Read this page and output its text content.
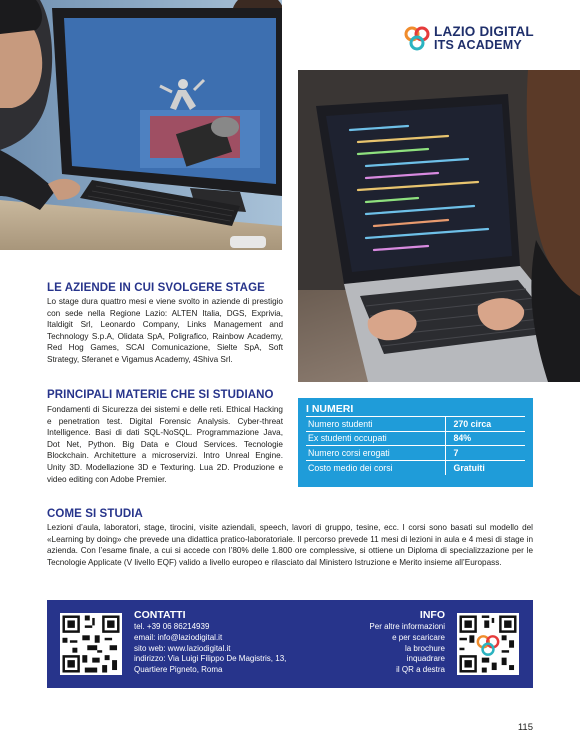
LAZIO DIGITAL
ITS ACADEMY
LE AZIENDE IN CUI SVOLGERE STAGE
Lo stage dura quattro mesi e viene svolto in aziende di prestigio con sede nella Regione Lazio: ALTEN Italia, DGS, Exprivia, Italdigit Srl, Leonardo Company, Links Management and Technology S.p.A, Olidata SpA, Poligrafico, Rainbow Academy, Red Hog Games, SCAI Comunicazione, Sielte SpA, Soft Strategy, Sferanet e Vigamus Academy, 4Shiva Srl.
PRINCIPALI MATERIE CHE SI STUDIANO
Fondamenti di Sicurezza dei sistemi e delle reti. Ethical Hacking e penetration test. Digital Forensic Analysis. Cyber-threat Intelligence. Basi di dati SQL-NoSQL. Programmazione Java, Dot Net, Python. Big Data e Cloud Services. Tecnologie Blockchain. Architetture a microservizi. Intro Unreal Engine. Unity 3D. Modellazione 3D e Texturing. Lua 2D. Produzione e video editing con Adobe Premier.
I NUMERI
Numero studenti	270 circa
Ex studenti occupati	84%
Numero corsi erogati	7
Costo medio dei corsi	Gratuiti
COME SI STUDIA
Lezioni d’aula, laboratori, stage, tirocini, visite aziendali, speech, lavori di gruppo, tesine, ecc. I corsi sono basati sul modello del «Learning by doing» che prevede una didattica pratico-laboratoriale. Il percorso prevede 11 mesi di lezioni in aula e 4 mesi di stage in azienda. Con l’esame finale, a cui si accede con l’80% delle 1.800 ore complessive, si ottiene un Diploma di specializzazione per le Tecnologie Applicate (V livello EQF) valido a livello europeo e rilasciato dal Ministero Istruzione e Merito insieme all’Europass.
CONTATTI
tel. +39 06 86214939
email: info@laziodigital.it
sito web: www.laziodigital.it
indirizzo: Via Luigi Filippo De Magistris, 13,
Quartiere Pigneto, Roma
INFO
Per altre informazioni
e per scaricare
la brochure
inquadrare
il QR a destra
115
